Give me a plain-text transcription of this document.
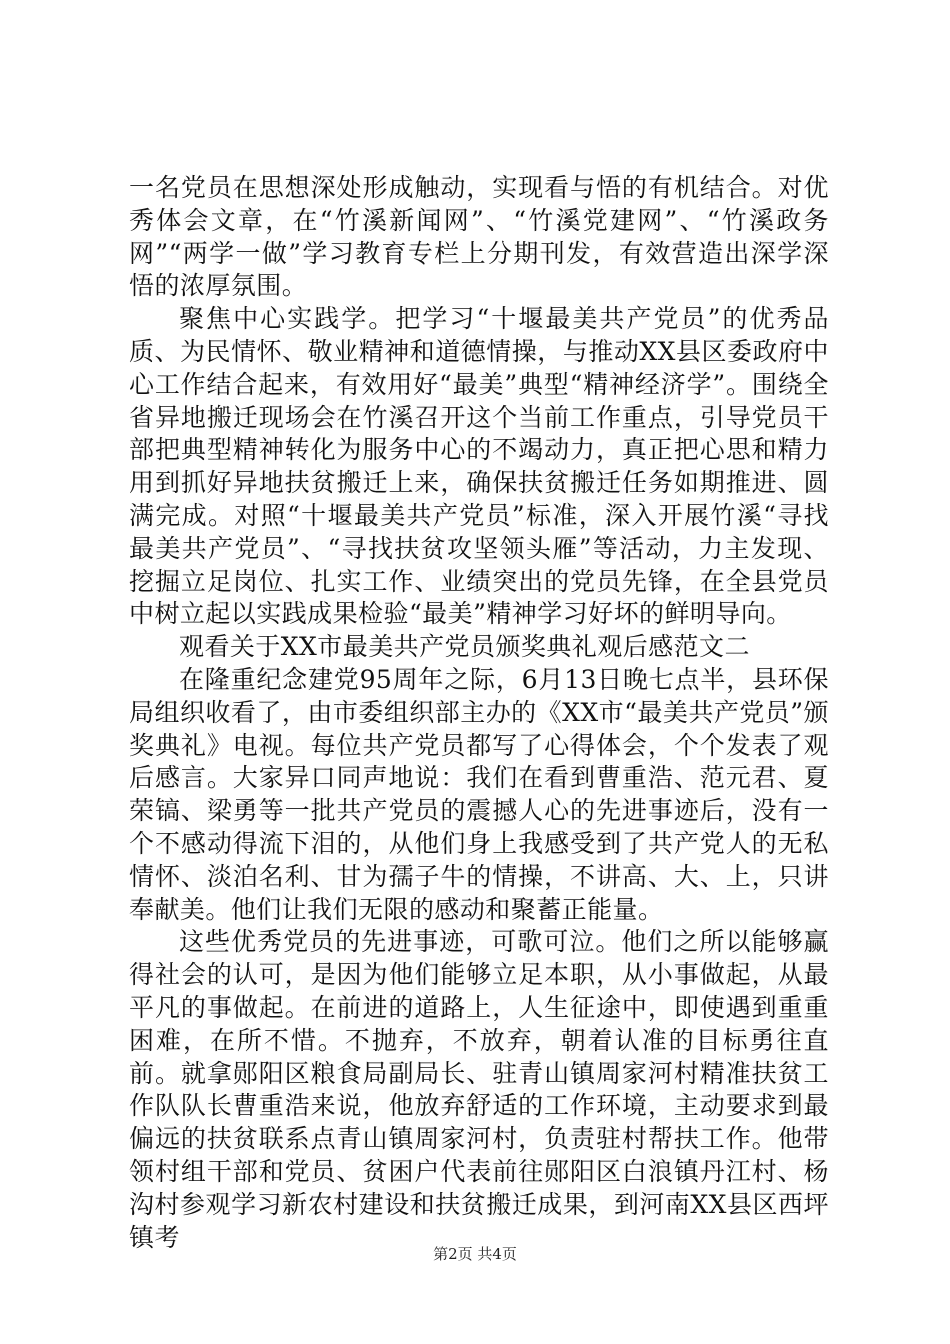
一名党员在思想深处形成触动，实现看与悟的有机结合。对优秀体会文章，在“竹溪新闻网”、“竹溪党建网”、“竹溪政务网”“两学一做”学习教育专栏上分期刊发，有效营造出深学深悟的浓厚氛围。

聚焦中心实践学。把学习“十堰最美共产党员”的优秀品质、为民情怀、敬业精神和道德情操，与推动XX县区委政府中心工作结合起来，有效用好“最美”典型“精神经济学”。围绕全省异地搬迁现场会在竹溪召开这个当前工作重点，引导党员干部把典型精神转化为服务中心的不竭动力，真正把心思和精力用到抓好异地扶贫搬迁上来，确保扶贫搬迁任务如期推进、圆满完成。对照“十堰最美共产党员”标准，深入开展竹溪“寻找最美共产党员”、“寻找扶贫攻坚领头雁”等活动，力主发现、挖掘立足岗位、扎实工作、业绩突出的党员先锋，在全县党员中树立起以实践成果检验“最美”精神学习好坏的鲜明导向。

观看关于XX市最美共产党员颁奖典礼观后感范文二

在隆重纪念建党95周年之际，6月13日晚七点半，县环保局组织收看了，由市委组织部主办的《XX市“最美共产党员”颁奖典礼》电视。每位共产党员都写了心得体会，个个发表了观后感言。大家异口同声地说：我们在看到曹重浩、范元君、夏荣镐、梁勇等一批共产党员的震撼人心的先进事迹后，没有一个不感动得流下泪的，从他们身上我感受到了共产党人的无私情怀、淡泊名利、甘为孺子牛的情操，不讲高、大、上，只讲奉献美。他们让我们无限的感动和聚蓄正能量。

这些优秀党员的先进事迹，可歌可泣。他们之所以能够赢得社会的认可，是因为他们能够立足本职，从小事做起，从最平凡的事做起。在前进的道路上，人生征途中，即使遇到重重困难，在所不惜。不抛弃，不放弃，朝着认准的目标勇往直前。就拿郧阳区粮食局副局长、驻青山镇周家河村精准扶贫工作队队长曹重浩来说，他放弃舒适的工作环境，主动要求到最偏远的扶贫联系点青山镇周家河村，负责驻村帮扶工作。他带领村组干部和党员、贫困户代表前往郧阳区白浪镇丹江村、杨沟村参观学习新农村建设和扶贫搬迁成果，到河南XX县区西坪镇考

第2页 共4页
